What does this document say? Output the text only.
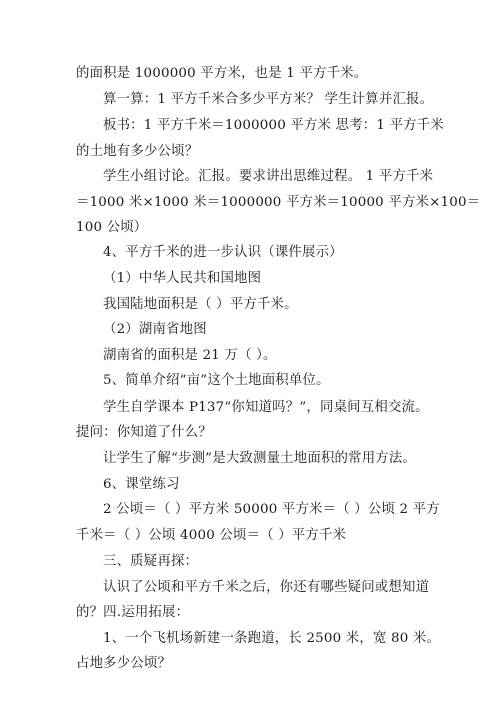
的面积是 1000000 平方米，也是 1 平方千米。
算一算：1 平方千米合多少平方米？ 学生计算并汇报。
板书：1 平方千米＝1000000 平方米 思考：1 平方千米
的土地有多少公顷？
学生小组讨论。汇报。要求讲出思维过程。 1 平方千米
＝1000 米×1000 米＝1000000 平方米＝10000 平方米×100＝
100 公顷）
4、平方千米的进一步认识（课件展示）
（1）中华人民共和国地图
我国陆地面积是（ ）平方千米。
（2）湖南省地图
湖南省的面积是 21 万（ ）。
5、简单介绍“亩”这个土地面积单位。
学生自学课本 P137“你知道吗？”，同桌间互相交流。
提问：你知道了什么？
让学生了解“步测”是大致测量土地面积的常用方法。
6、课堂练习
2 公顷＝（ ）平方米 50000 平方米＝（ ）公顷 2 平方
千米＝（ ）公顷 4000 公顷＝（ ）平方千米
三、质疑再探：
认识了公顷和平方千米之后，你还有哪些疑问或想知道
的？四.运用拓展：
1、一个飞机场新建一条跑道，长 2500 米，宽 80 米。
占地多少公顷？
